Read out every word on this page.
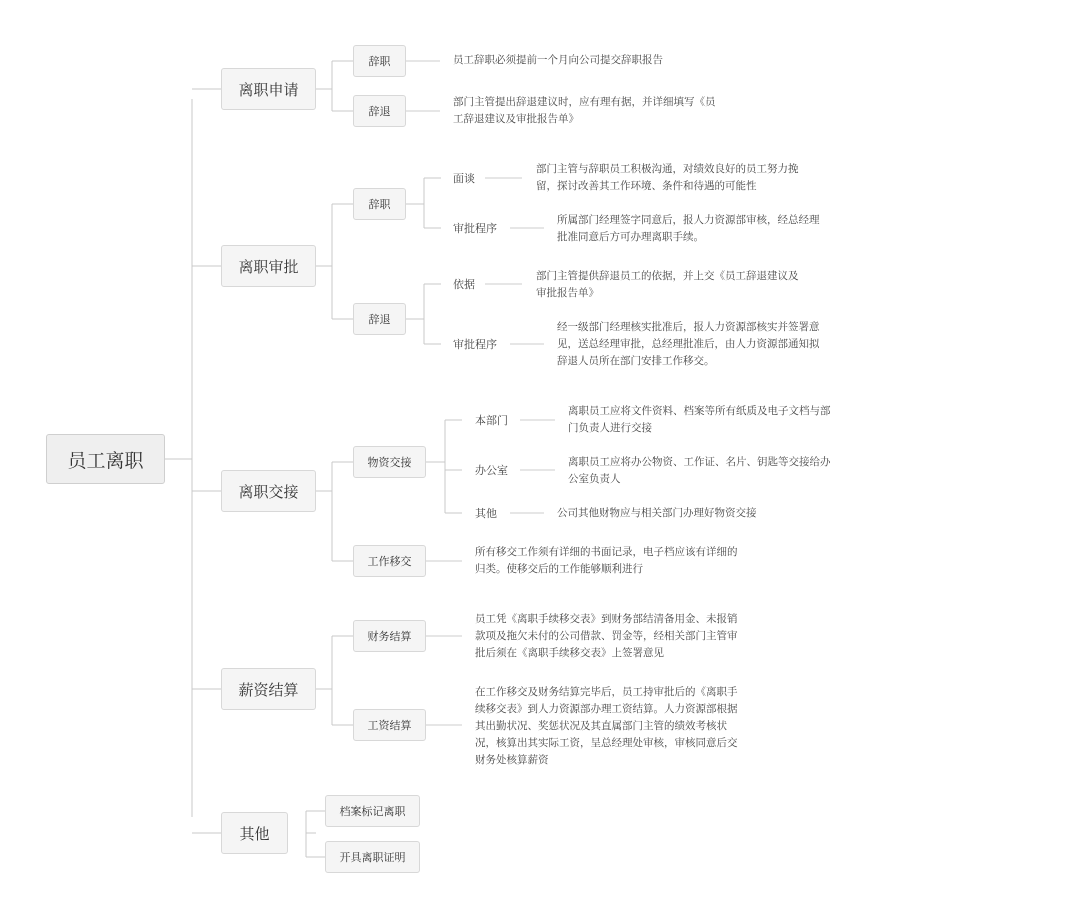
员工离职
离职申请
离职审批
离职交接
薪资结算
其他
辞职
辞退
辞职
辞退
物资交接
工作移交
财务结算
工资结算
档案标记离职
开具离职证明
面谈
审批程序
依据
审批程序
本部门
办公室
其他
员工辞职必须提前一个月向公司提交辞职报告
部门主管提出辞退建议时，应有理有据，并详细填写《员
工辞退建议及审批报告单》
部门主管与辞职员工积极沟通，对绩效良好的员工努力挽
留，探讨改善其工作环境、条件和待遇的可能性
所属部门经理签字同意后，报人力资源部审核，经总经理
批准同意后方可办理离职手续。
部门主管提供辞退员工的依据，并上交《员工辞退建议及
审批报告单》
经一级部门经理核实批准后，报人力资源部核实并签署意
见，送总经理审批，总经理批准后，由人力资源部通知拟
辞退人员所在部门安排工作移交。
离职员工应将文件资料、档案等所有纸质及电子文档与部
门负责人进行交接
离职员工应将办公物资、工作证、名片、钥匙等交接给办
公室负责人
公司其他财物应与相关部门办理好物资交接
所有移交工作须有详细的书面记录，电子档应该有详细的
归类。使移交后的工作能够顺利进行
员工凭《离职手续移交表》到财务部结清备用金、未报销
款项及拖欠未付的公司借款、罚金等，经相关部门主管审
批后须在《离职手续移交表》上签署意见
在工作移交及财务结算完毕后，员工持审批后的《离职手
续移交表》到人力资源部办理工资结算。人力资源部根据
其出勤状况、奖惩状况及其直属部门主管的绩效考核状
况，核算出其实际工资，呈总经理处审核，审核同意后交
财务处核算薪资
